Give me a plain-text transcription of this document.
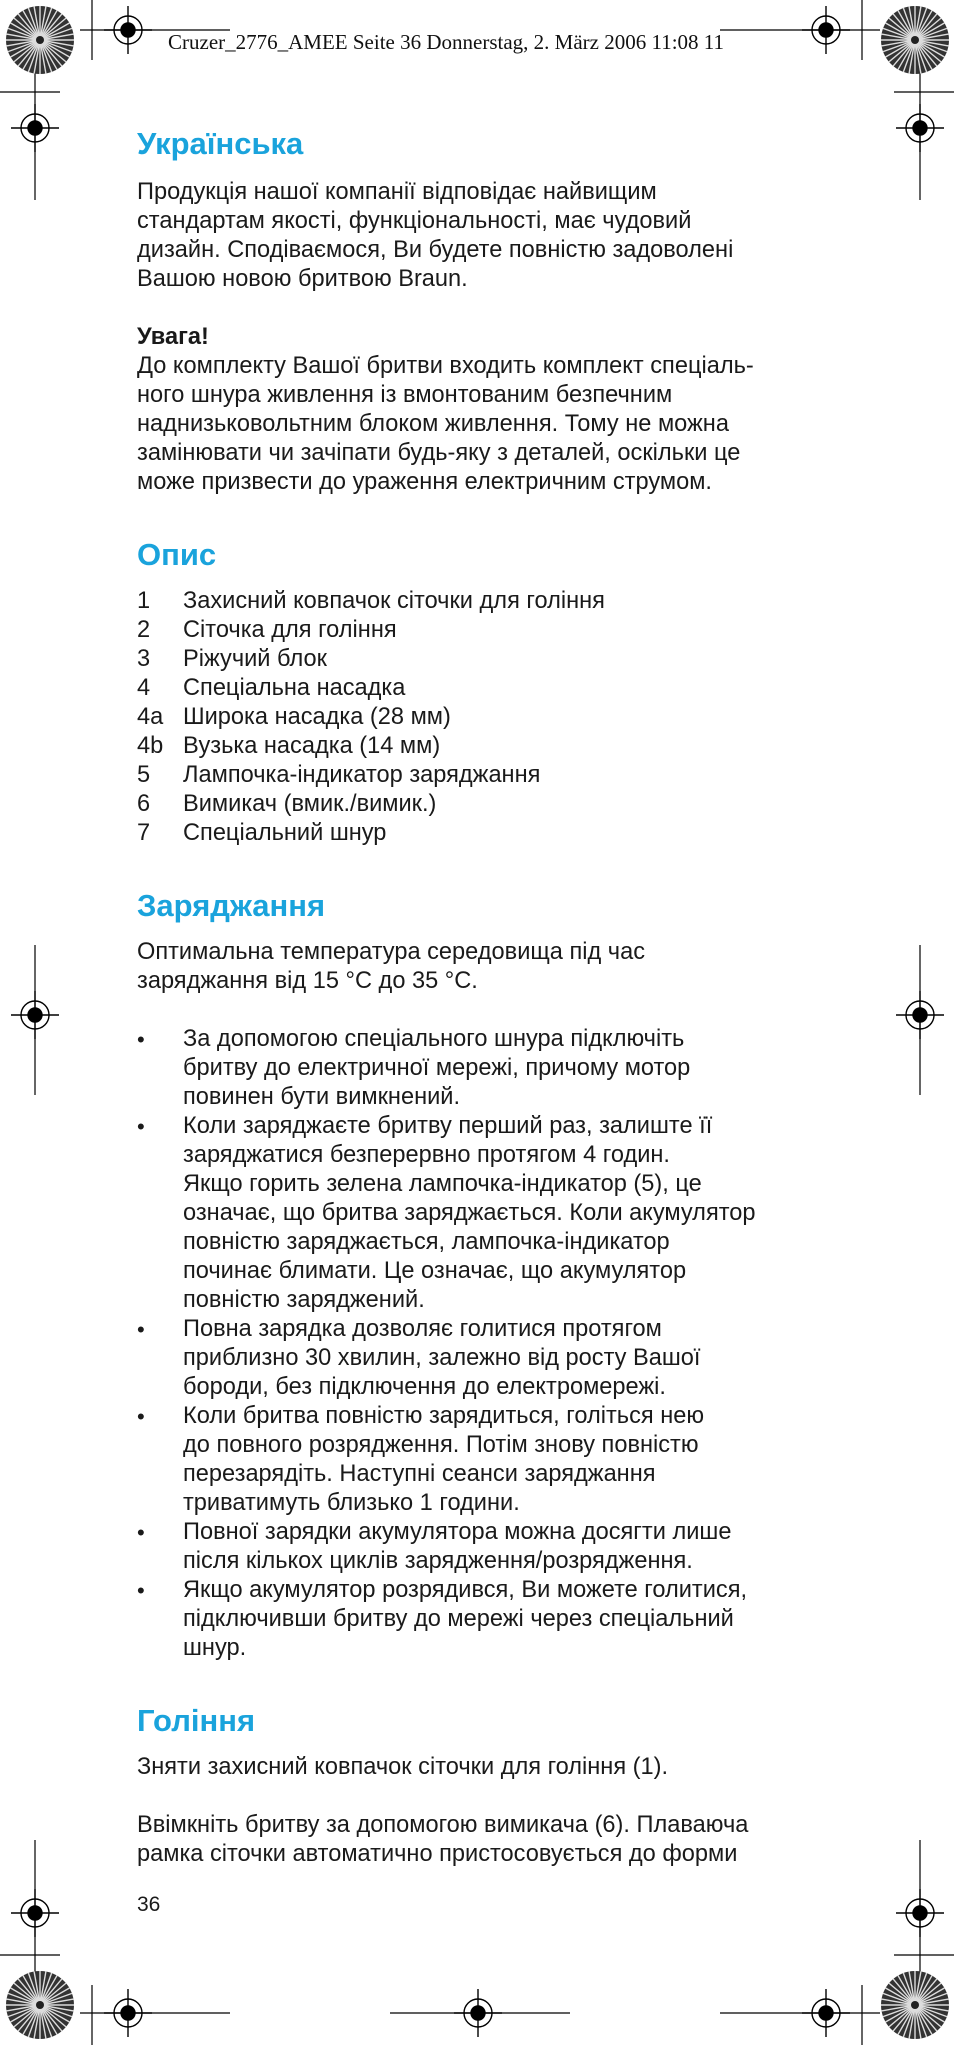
Cruzer_2776_AMEE Seite 36 Donnerstag, 2. März 2006 11:08 11
Українська

Продукція нашої компанії відповідає найвищим

стандартам якості, функціональності, має чудовий

дизайн. Сподіваємося, Ви будете повністю задоволені

Вашою новою бритвою Braun.

Увага!

До комплекту Вашої бритви входить комплект спеціаль-

ного шнура живлення із вмонтованим безпечним

наднизьковольтним блоком живлення. Тому не можна

замінювати чи зачіпати будь-яку з деталей, оскільки це

може призвести до ураження електричним струмом.

Опис
1	Захисний ковпачок сіточки для гоління
2	Сіточка для гоління
3	Ріжучий блок
4	Спеціальна насадка
4a Широка насадка (28 мм)
4b Вузька насадка (14 мм)
5	Лампочка-індикатор заряджання
6	Вимикач (вмик./вимик.)
7	Спеціальний шнур
Заряджання

Оптимальна температура середовища під час

заряджання від 15 °C до 35 °C.

•	За допомогою спеціального шнура підключіть

бритву до електричної мережі, причому мотор

повинен бути вимкнений.

•	Коли заряджаєте бритву перший раз, залиште її

заряджатися безперервно протягом 4 годин.

Якщо горить зелена лампочка-індикатор (5), це

означає, що бритва заряджається. Коли акумулятор

повністю заряджається, лампочка-індикатор

починає блимати. Це означає, що акумулятор

повністю заряджений.

•	Повна зарядка дозволяє голитися протягом

приблизно 30 хвилин, залежно від росту Вашої

бороди, без підключення до електромережі.

•	Коли бритва повністю зарядиться, голіться нею

до повного розрядження. Потім знову повністю

перезарядіть. Наступні сеанси заряджання

триватимуть близько 1 години.

•	Повної зарядки акумулятора можна досягти лише

після кількох циклів зарядження/розрядження.

•	Якщо акумулятор розрядився, Ви можете голитися,

підключивши бритву до мережі через спеціальний

шнур.

Гоління

Зняти захисний ковпачок сіточки для гоління (1).

Ввімкніть бритву за допомогою вимикача (6). Плаваюча

рамка сіточки автоматично пристосовується до форми

36
